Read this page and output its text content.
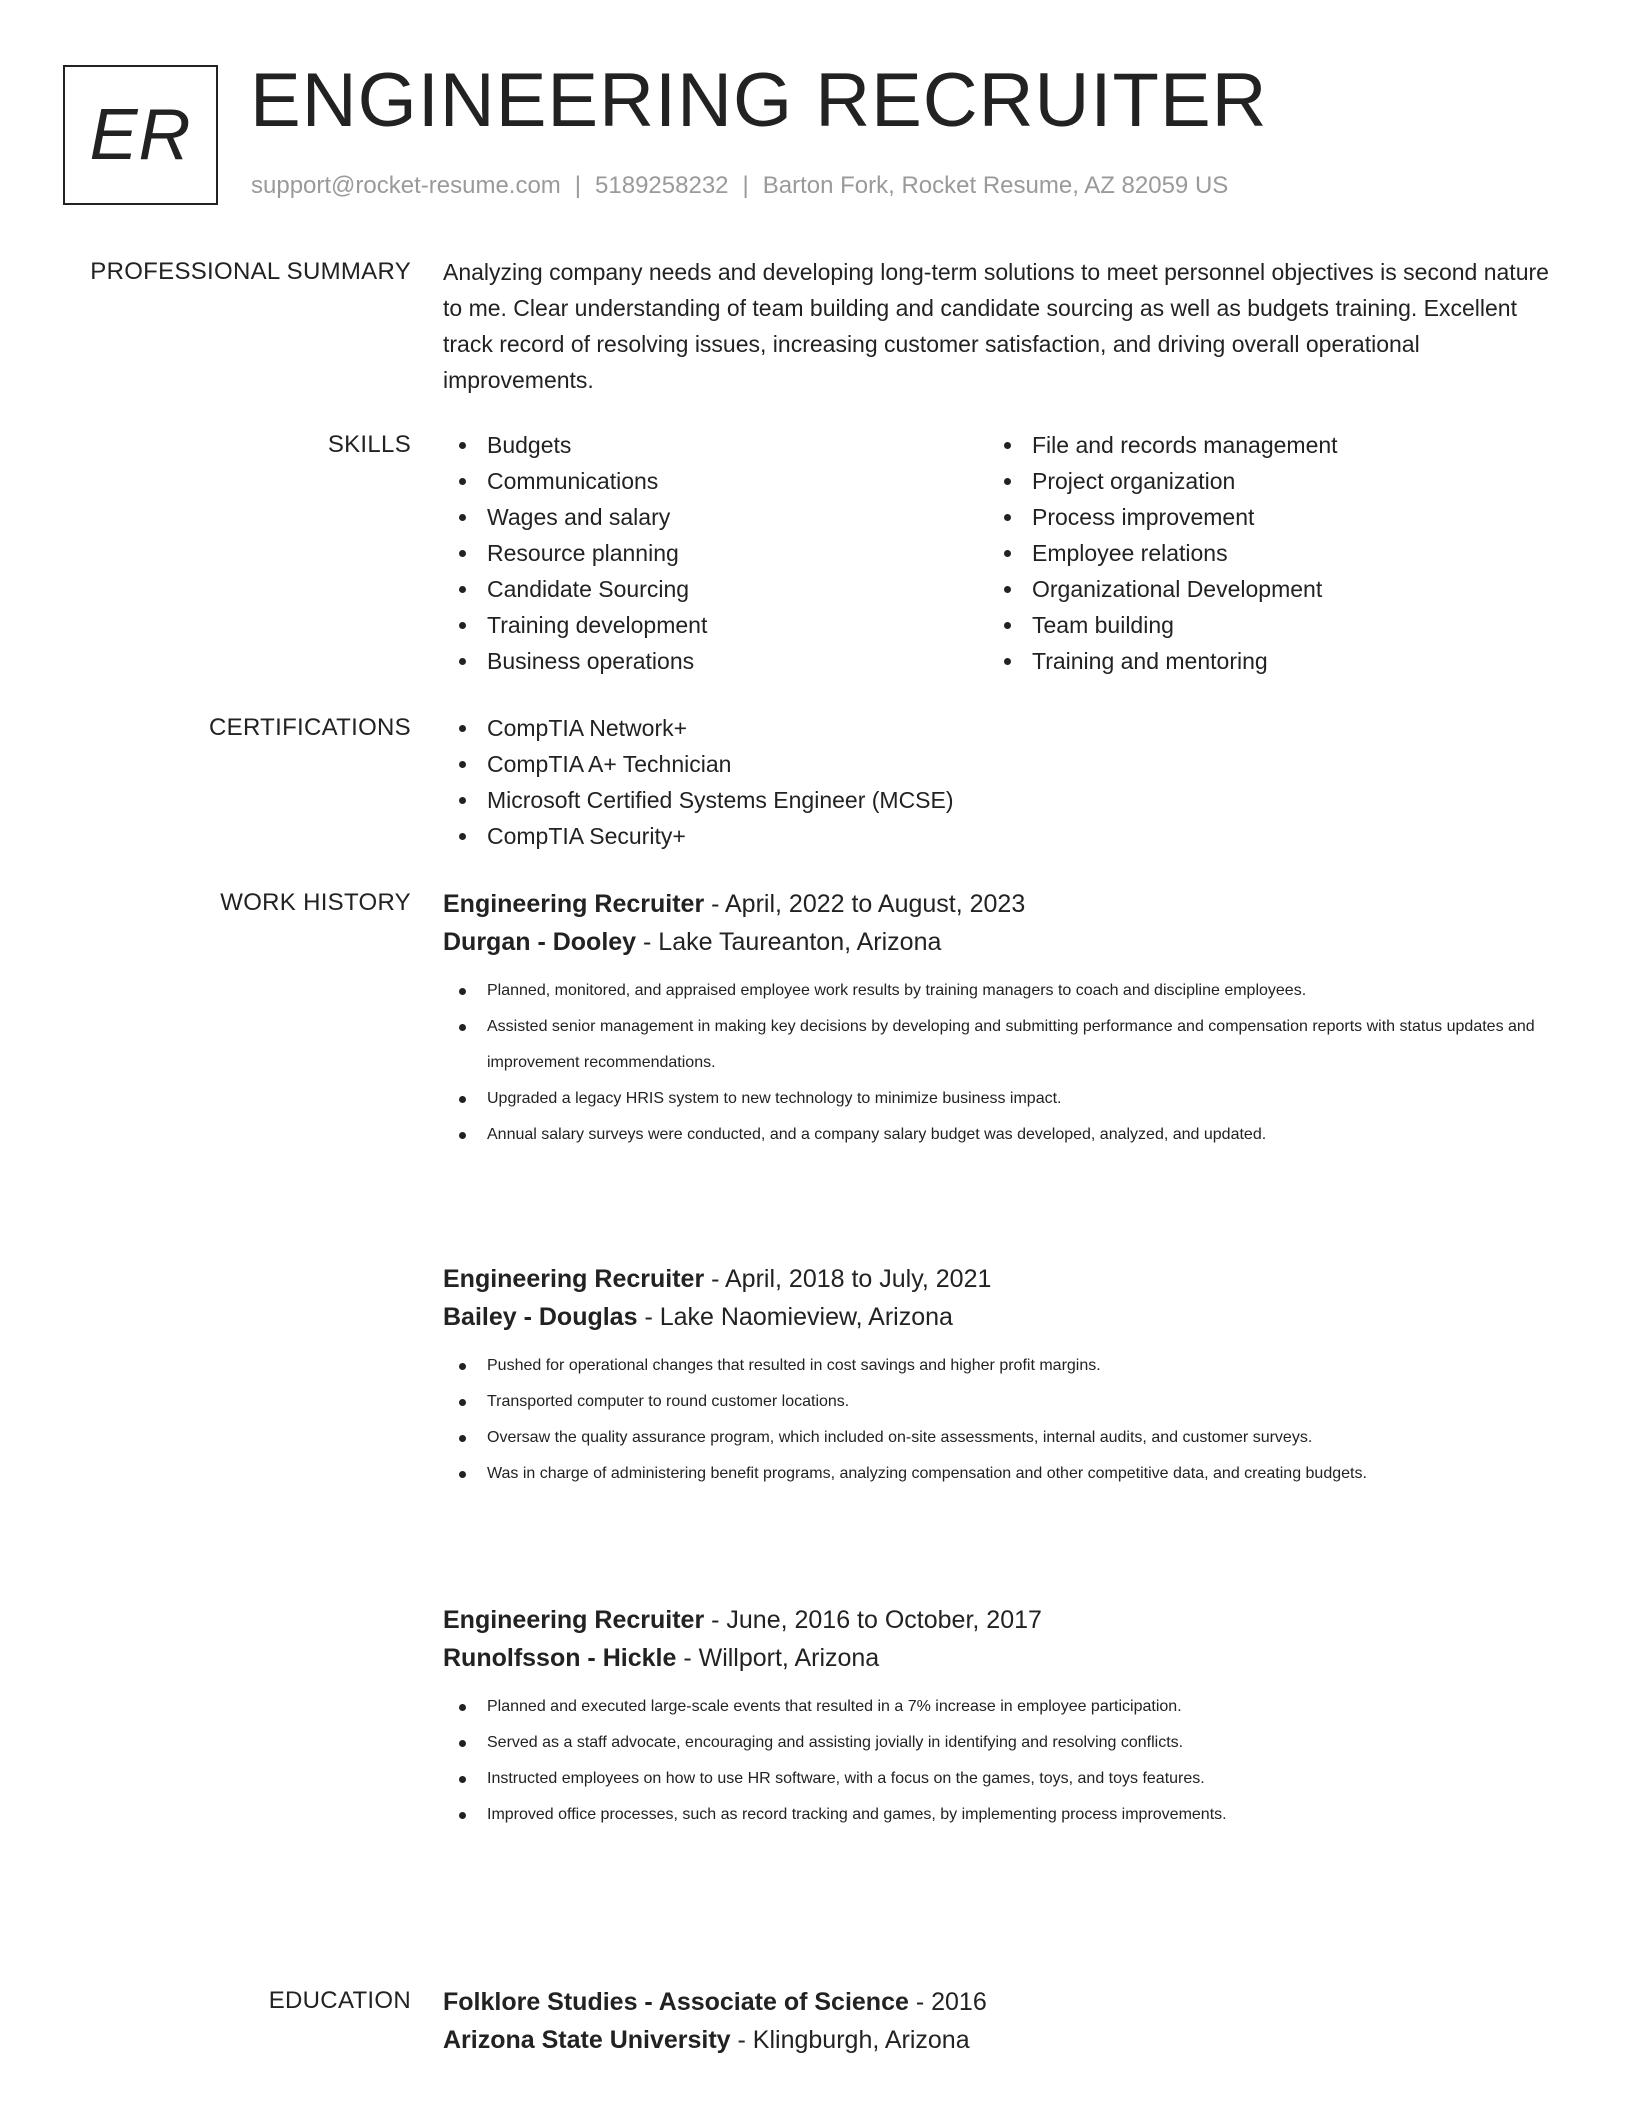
ER ENGINEERING RECRUITER
support@rocket-resume.com | 5189258232 | Barton Fork, Rocket Resume, AZ 82059 US
PROFESSIONAL SUMMARY Analyzing company needs and developing long-term solutions to meet personnel objectives is second nature to me. Clear understanding of team building and candidate sourcing as well as budgets training. Excellent track record of resolving issues, increasing customer satisfaction, and driving overall operational improvements.

SKILLS	Budgets
Communications
Wages and salary
Resource planning
Candidate Sourcing
Training development
Business operations
File and records management
Project organization
Process improvement
Employee relations
Organizational Development
Team building
Training and mentoring
CERTIFICATIONS	CompTIA Network+
CompTIA A+ Technician
Microsoft Certified Systems Engineer (MCSE)
CompTIA Security+
WORK HISTORY Engineering Recruiter - April, 2022 to August, 2023

Durgan - Dooley - Lake Taureanton, Arizona

Planned, monitored, and appraised employee work results by training managers to coach and discipline employees.
Assisted senior management in making key decisions by developing and submitting performance and compensation reports with status updates and improvement recommendations.
Upgraded a legacy HRIS system to new technology to minimize business impact.
Annual salary surveys were conducted, and a company salary budget was developed, analyzed, and updated.

Engineering Recruiter - April, 2018 to July, 2021

Bailey - Douglas - Lake Naomieview, Arizona

Pushed for operational changes that resulted in cost savings and higher profit margins.
Transported computer to round customer locations.
Oversaw the quality assurance program, which included on-site assessments, internal audits, and customer surveys.
Was in charge of administering benefit programs, analyzing compensation and other competitive data, and creating budgets.

Engineering Recruiter - June, 2016 to October, 2017

Runolfsson - Hickle - Willport, Arizona

Planned and executed large-scale events that resulted in a 7% increase in employee participation.
Served as a staff advocate, encouraging and assisting jovially in identifying and resolving conflicts.
Instructed employees on how to use HR software, with a focus on the games, toys, and toys features.
Improved office processes, such as record tracking and games, by implementing process improvements.
EDUCATION Folklore Studies - Associate of Science - 2016

Arizona State University - Klingburgh, Arizona
